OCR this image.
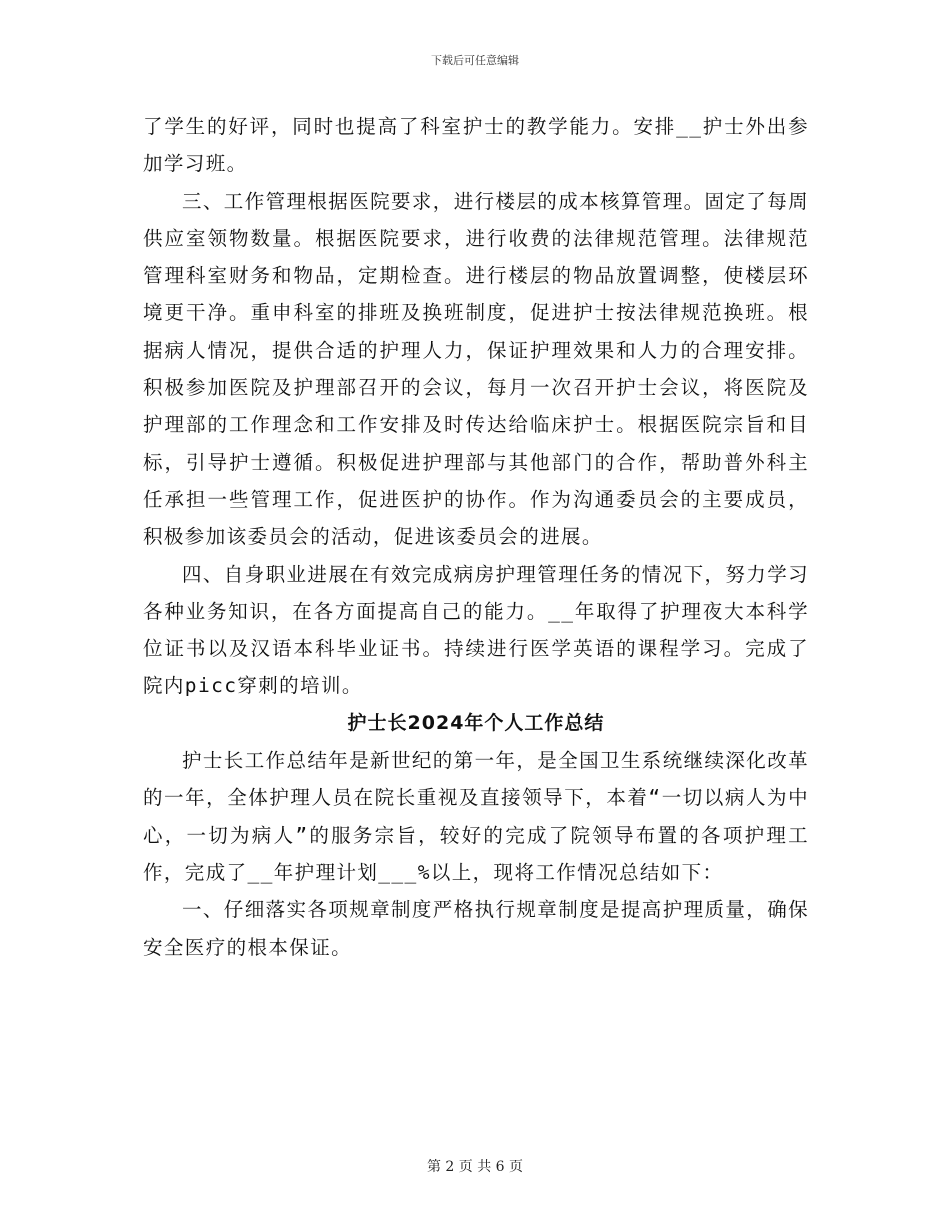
下载后可任意编辑

了学生的好评，同时也提高了科室护士的教学能力。安排__护士外出参加学习班。

三、工作管理根据医院要求，进行楼层的成本核算管理。固定了每周供应室领物数量。根据医院要求，进行收费的法律规范管理。法律规范管理科室财务和物品，定期检查。进行楼层的物品放置调整，使楼层环境更干净。重申科室的排班及换班制度，促进护士按法律规范换班。根据病人情况，提供合适的护理人力，保证护理效果和人力的合理安排。积极参加医院及护理部召开的会议，每月一次召开护士会议，将医院及护理部的工作理念和工作安排及时传达给临床护士。根据医院宗旨和目标，引导护士遵循。积极促进护理部与其他部门的合作，帮助普外科主任承担一些管理工作，促进医护的协作。作为沟通委员会的主要成员，积极参加该委员会的活动，促进该委员会的进展。

四、自身职业进展在有效完成病房护理管理任务的情况下，努力学习各种业务知识，在各方面提高自己的能力。__年取得了护理夜大本科学位证书以及汉语本科毕业证书。持续进行医学英语的课程学习。完成了院内picc穿刺的培训。

护士长2024年个人工作总结

护士长工作总结年是新世纪的第一年，是全国卫生系统继续深化改革的一年，全体护理人员在院长重视及直接领导下，本着“一切以病人为中心，一切为病人”的服务宗旨，较好的完成了院领导布置的各项护理工作，完成了__年护理计划___%以上，现将工作情况总结如下：

一、仔细落实各项规章制度严格执行规章制度是提高护理质量，确保安全医疗的根本保证。

第 2 页 共 6 页
